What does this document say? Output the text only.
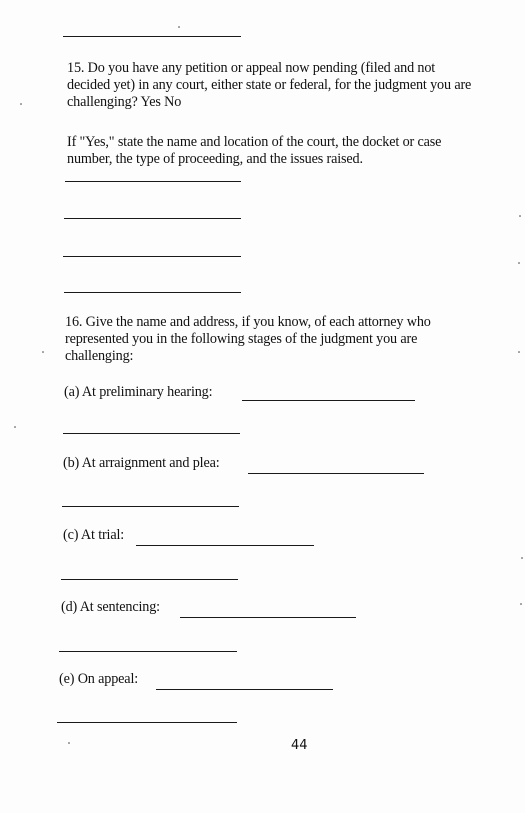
15. Do you have any petition or appeal now pending (filed and not decided yet) in any court, either state or federal, for the judgment you are challenging? Yes No
If "Yes," state the name and location of the court, the docket or case number, the type of proceeding, and the issues raised.
16. Give the name and address, if you know, of each attorney who represented you in the following stages of the judgment you are challenging:
(a) At preliminary hearing:
(b) At arraignment and plea:
(c) At trial:
(d) At sentencing:
(e) On appeal:
44
